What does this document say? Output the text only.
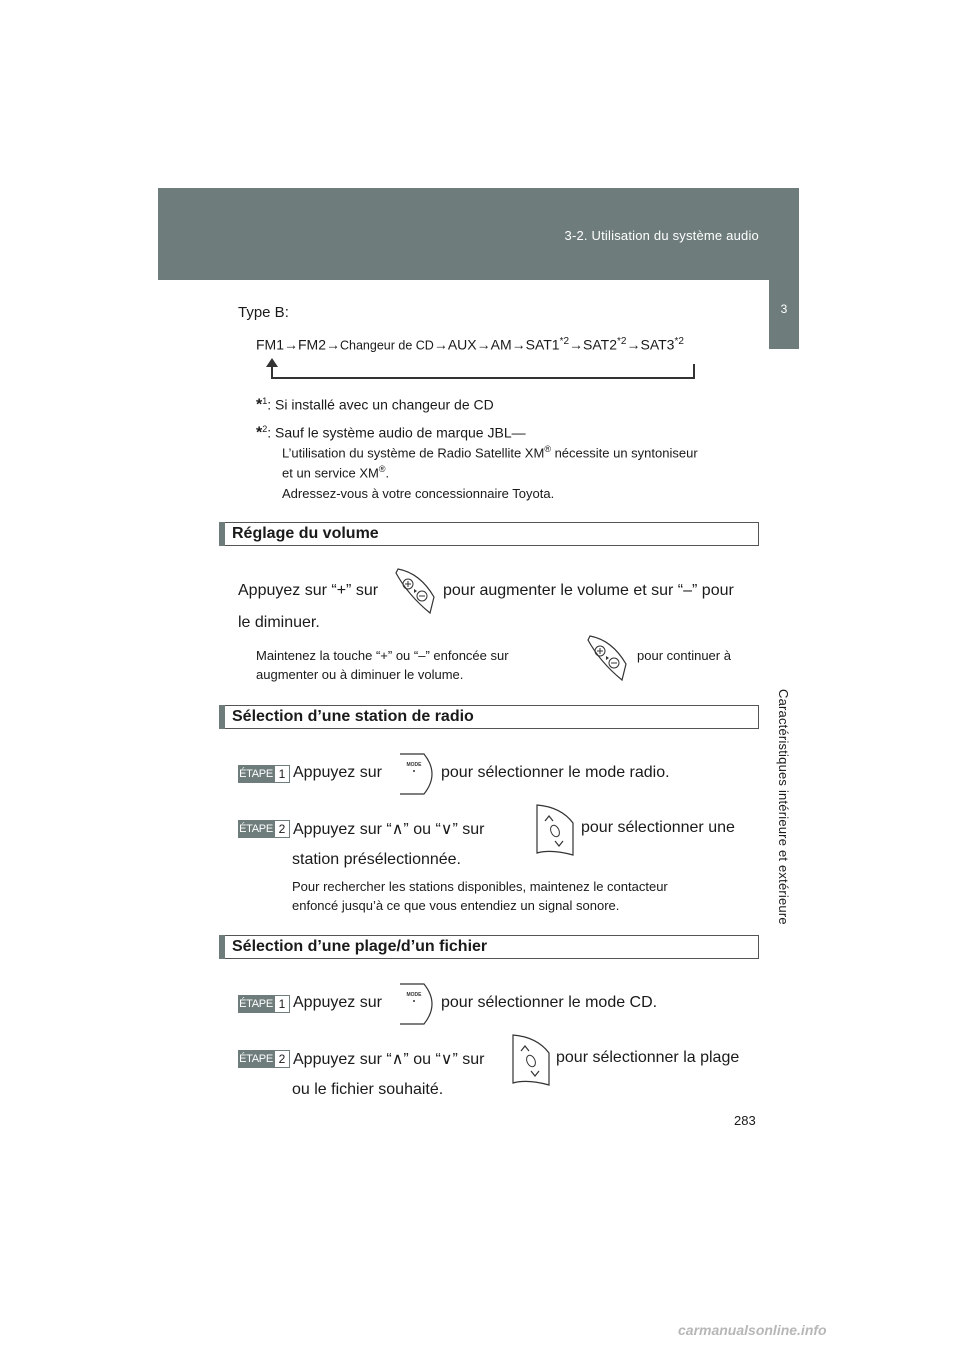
3-2. Utilisation du système audio
3
Caractéristiques intérieure et extérieure
Type B:
FM1→FM2→Changeur de $CD\to AUX\to AM\to SAT1^{*2}\to SAT2^{*2}\to SAT3^{*2}$
*$^1$: Si installé avec un changeur de CD
*$^2$: Sauf le système audio de marque JBL—
L’utilisation du système de Radio Satellite XM® nécessite un syntoniseur
et un service XM®.
Adressez-vous à votre concessionnaire Toyota.
Réglage du volume
Appuyez sur “+” sur	pour augmenter le volume et sur “–” pour
le diminuer.
Maintenez la touche “+” ou “–” enfoncée sur	pour continuer à
augmenter ou à diminuer le volume.
Sélection d’une station de radio
ÉTAPE 1 Appuyez sur	MODE pour sélectionner le mode radio.
ÉTAPE 2 Appuyez sur “∧” ou “∨” sur	pour sélectionner une
station présélectionnée.
Pour rechercher les stations disponibles, maintenez le contacteur
enfoncé jusqu’à ce que vous entendiez un signal sonore.
Sélection d’une plage/d’un fichier
ÉTAPE 1 Appuyez sur	MODE pour sélectionner le mode CD.
ÉTAPE 2 Appuyez sur “∧” ou “∨” sur	pour sélectionner la plage
ou le fichier souhaité.
283
carmanualsonline.info
